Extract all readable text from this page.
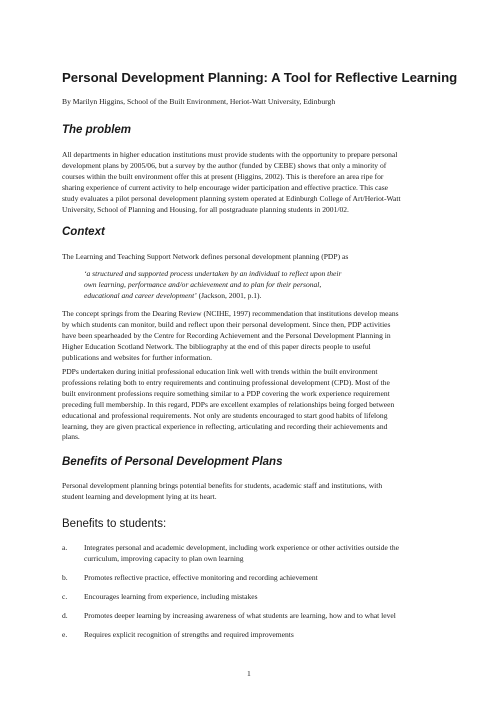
Personal Development Planning: A Tool for Reflective Learning
By Marilyn Higgins, School of the Built Environment, Heriot-Watt University, Edinburgh
The problem
All departments in higher education institutions must provide students with the opportunity to prepare personal
development plans by 2005/06, but a survey by the author (funded by CEBE) shows that only a minority of
courses within the built environment offer this at present (Higgins, 2002). This is therefore an area ripe for
sharing experience of current activity to help encourage wider participation and effective practice. This case
study evaluates a pilot personal development planning system operated at Edinburgh College of Art/Heriot-Watt
University, School of Planning and Housing, for all postgraduate planning students in 2001/02.
Context
The Learning and Teaching Support Network defines personal development planning (PDP) as
‘a structured and supported process undertaken by an individual to reflect upon their
own learning, performance and/or achievement and to plan for their personal,
educational and career development’ (Jackson, 2001, p.1).
The concept springs from the Dearing Review (NCIHE, 1997) recommendation that institutions develop means
by which students can monitor, build and reflect upon their personal development. Since then, PDP activities
have been spearheaded by the Centre for Recording Achievement and the Personal Development Planning in
Higher Education Scotland Network. The bibliography at the end of this paper directs people to useful
publications and websites for further information.
PDPs undertaken during initial professional education link well with trends within the built environment
professions relating both to entry requirements and continuing professional development (CPD). Most of the
built environment professions require something similar to a PDP covering the work experience requirement
preceding full membership. In this regard, PDPs are excellent examples of relationships being forged between
educational and professional requirements. Not only are students encouraged to start good habits of lifelong
learning, they are given practical experience in reflecting, articulating and recording their achievements and
plans.
Benefits of Personal Development Plans
Personal development planning brings potential benefits for students, academic staff and institutions, with
student learning and development lying at its heart.
Benefits to students:
a. Integrates personal and academic development, including work experience or other activities outside the
curriculum, improving capacity to plan own learning
b. Promotes reflective practice, effective monitoring and recording achievement
c. Encourages learning from experience, including mistakes
d. Promotes deeper learning by increasing awareness of what students are learning, how and to what level
e. Requires explicit recognition of strengths and required improvements
1
